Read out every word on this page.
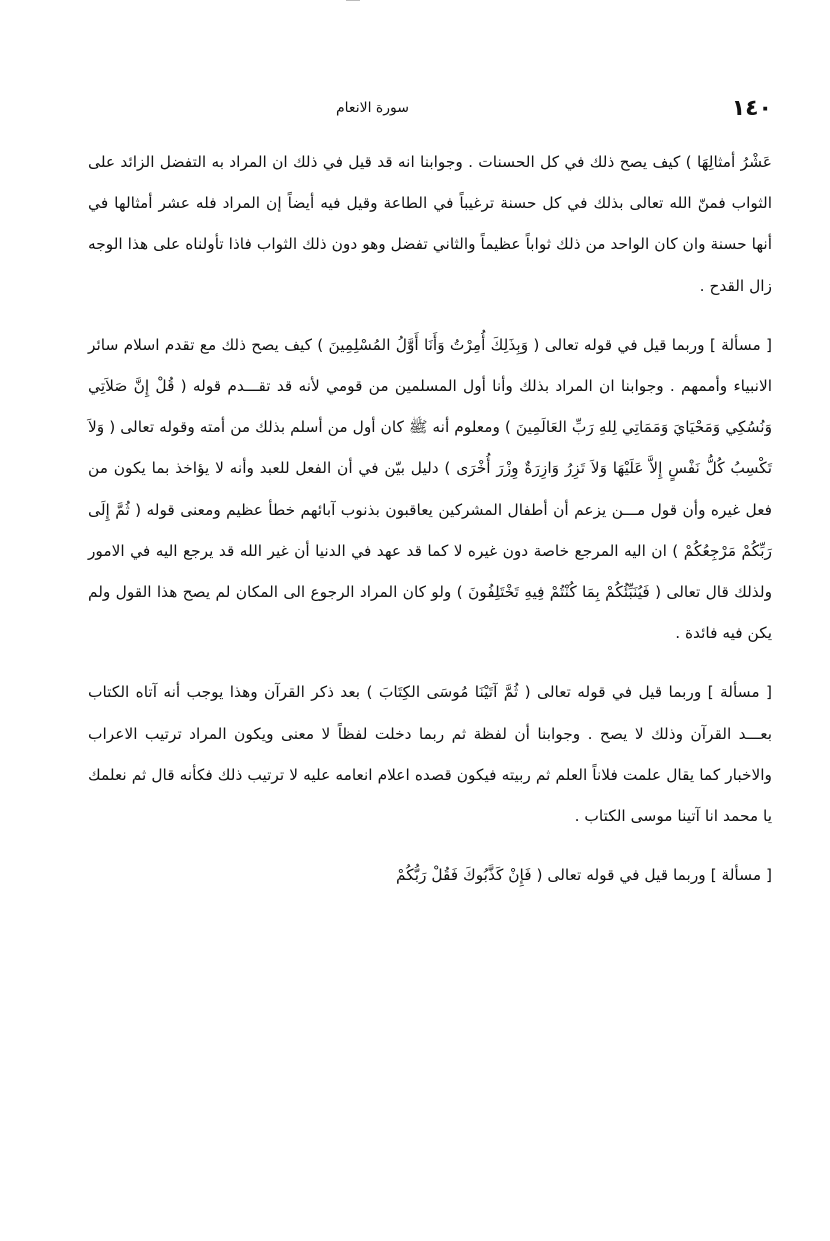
١٤٠
سورة الانعام

عَشْرُ أمثالِهَا ) كيف يصح ذلك في كل الحسنات . وجوابنا انه قد قيل في ذلك ان المراد به التفضل الزائد على الثواب فمنّ الله تعالى بذلك في كل حسنة ترغيباً في الطاعة وقيل فيه أيضاً إن المراد فله عشر أمثالها في أنها حسنة وان كان الواحد من ذلك ثواباً عظيماً والثاني تفضل وهو دون ذلك الثواب فاذا تأولناه على هذا الوجه زال القدح .

[ مسألة ] وربما قيل في قوله تعالى ( وَبِذَلِكَ أُمِرْتُ وَأَنَا أَوَّلُ المُسْلِمِينَ ) كيف يصح ذلك مع تقدم اسلام سائر الانبياء وأممهم . وجوابنا ان المراد بذلك وأنا أول المسلمين من قومي لأنه قد تقـــدم قوله ( قُلْ إِنَّ صَلاَتِي وَنُسُكِي وَمَحْيَايَ وَمَمَاتِي لِلهِ رَبِّ العَالَمِينَ ) ومعلوم أنه ﷺ كان أول من أسلم بذلك من أمته وقوله تعالى ( وَلاَ تَكْسِبُ كُلُّ نَفْسٍ إِلاَّ عَلَيْهَا وَلاَ تَزِرُ وَازِرَةٌ وِزْرَ أُخْرَى ) دليل بيّن في أن الفعل للعبد وأنه لا يؤاخذ بما يكون من فعل غيره وأن قول مـــن يزعم أن أطفال المشركين يعاقبون بذنوب آبائهم خطأ عظيم ومعنى قوله ( ثُمَّ إِلَى رَبِّكُمْ مَرْجِعُكُمْ ) ان اليه المرجع خاصة دون غيره لا كما قد عهد في الدنيا أن غير الله قد يرجع اليه في الامور ولذلك قال تعالى ( فَيُنَبِّئُكُمْ بِمَا كُنْتُمْ فِيهِ تَخْتَلِفُونَ ) ولو كان المراد الرجوع الى المكان لم يصح هذا القول ولم يكن فيه فائدة .

[ مسألة ] وربما قيل في قوله تعالى ( ثُمَّ آتَيْنَا مُوسَى الكِتَابَ ) بعد ذكر القرآن وهذا يوجب أنه آتاه الكتاب بعـــد القرآن وذلك لا يصح . وجوابنا أن لفظة ثم ربما دخلت لفظاً لا معنى ويكون المراد ترتيب الاعراب والاخبار كما يقال علمت فلاناً العلم ثم ربيته فيكون قصده اعلام انعامه عليه لا ترتيب ذلك فكأنه قال ثم نعلمك يا محمد انا آتينا موسى الكتاب .

[ مسألة ] وربما قيل في قوله تعالى ( فَإِنْ كَذَّبُوكَ فَقُلْ رَبُّكُمْ
